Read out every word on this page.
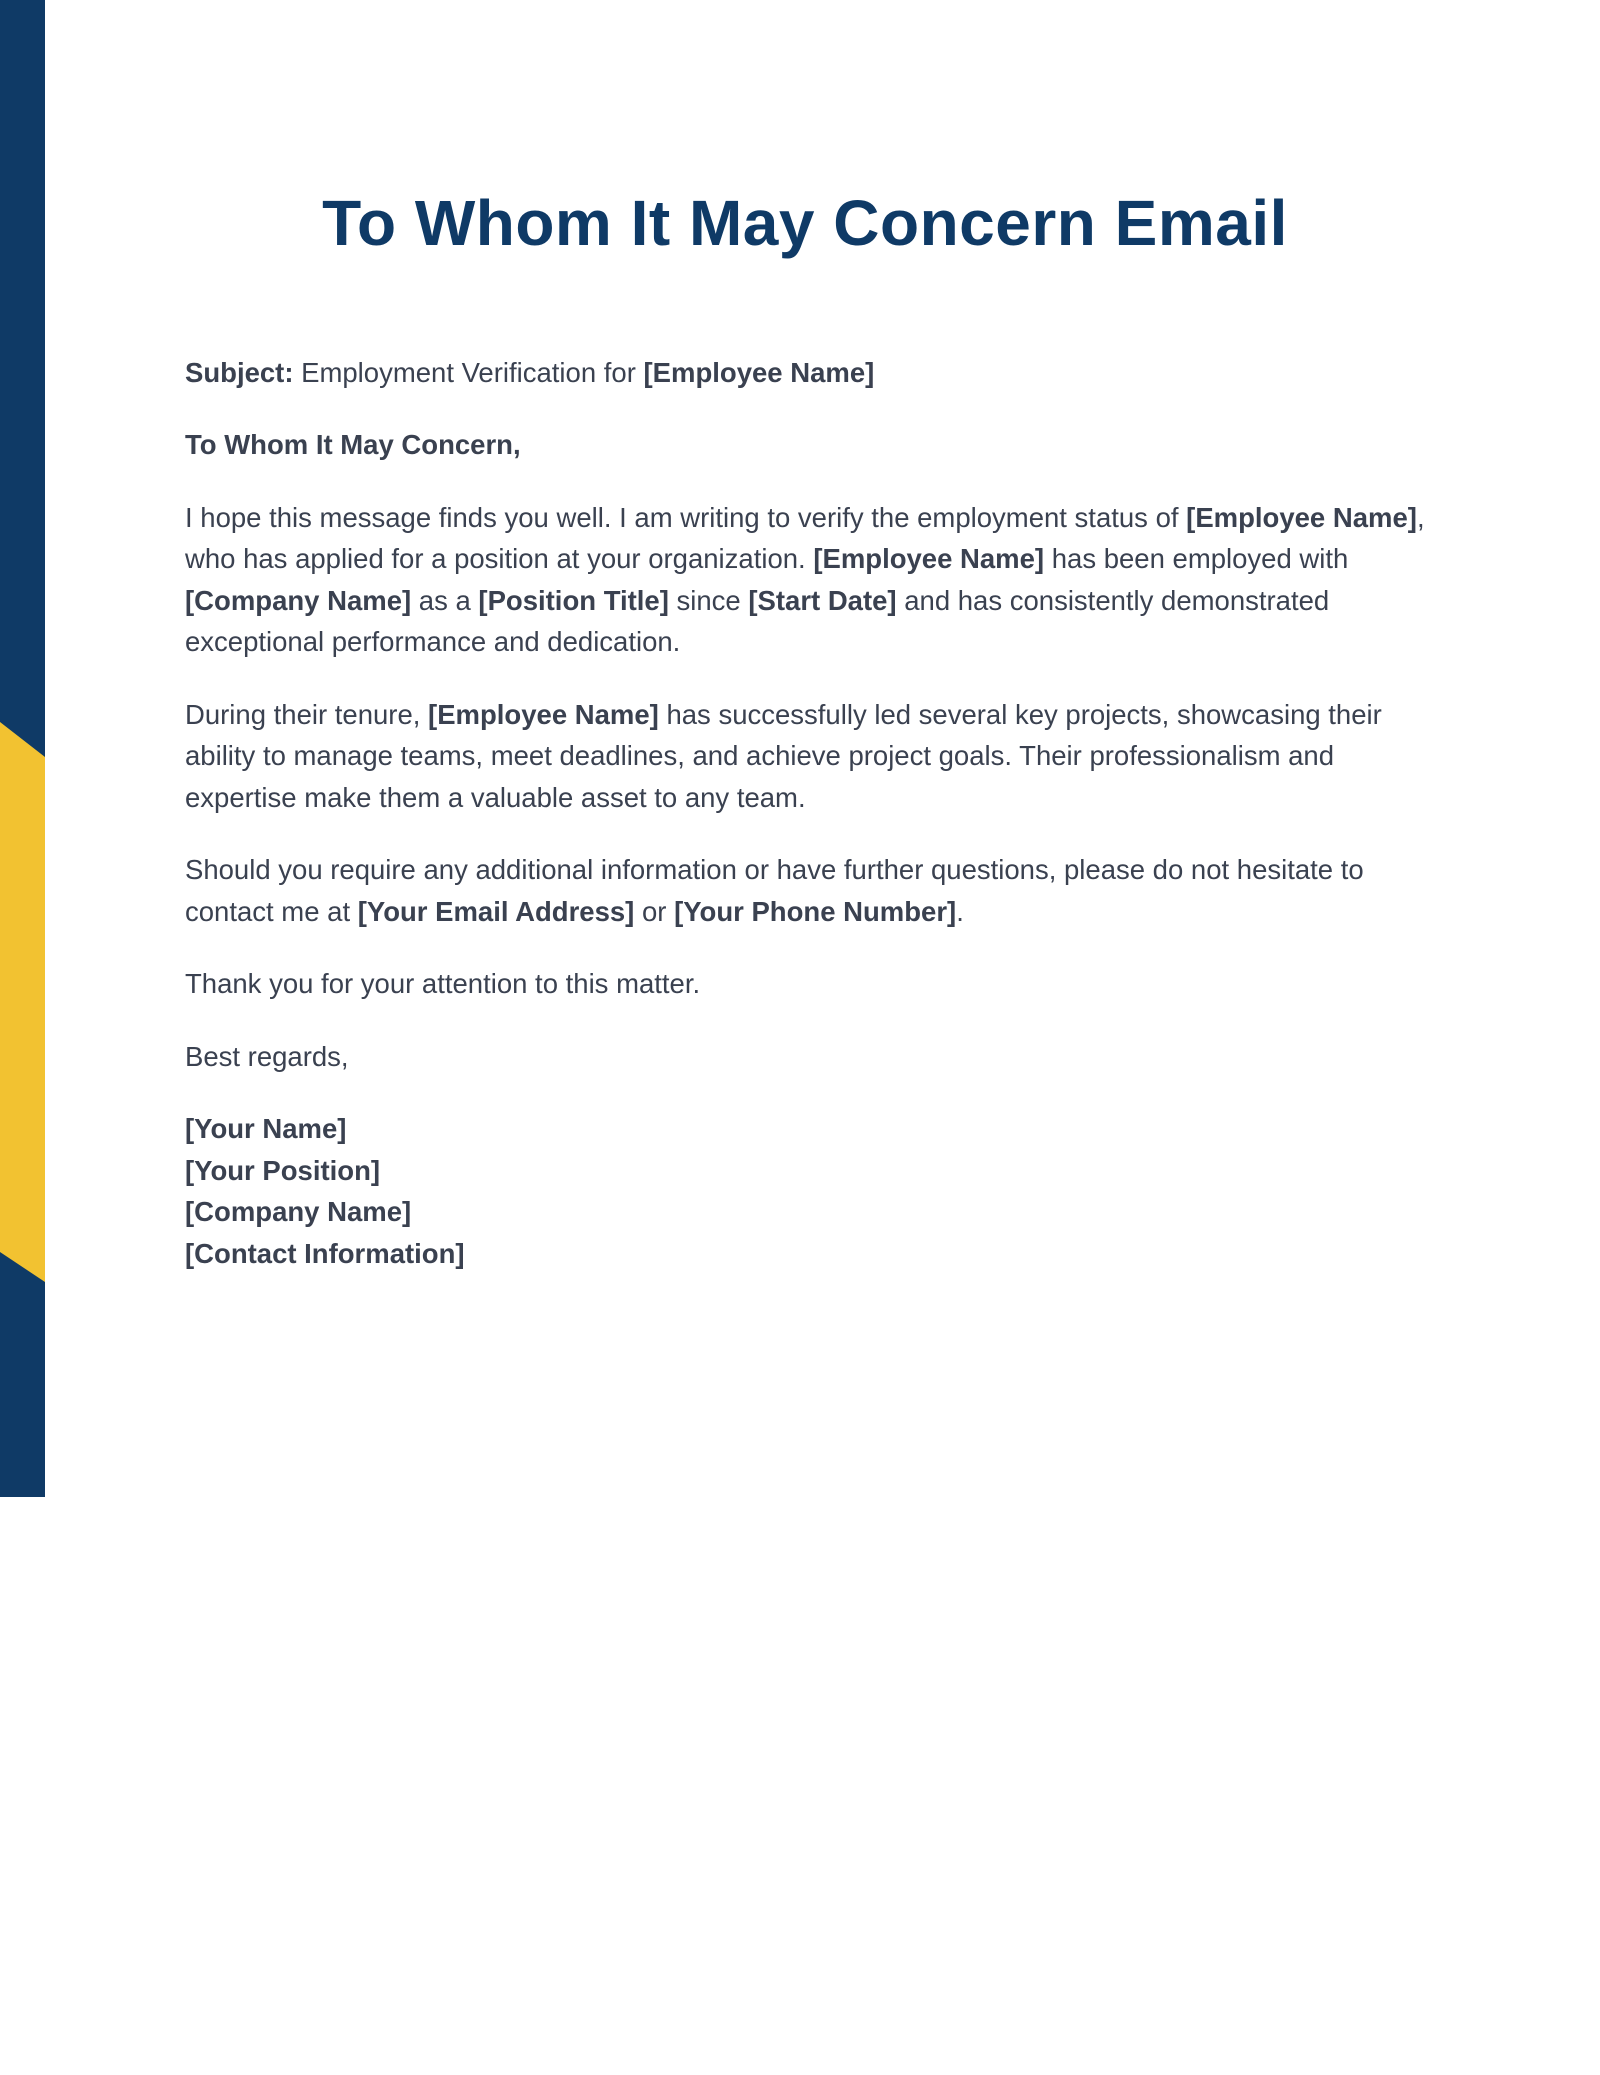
To Whom It May Concern Email

Subject: Employment Verification for [Employee Name]

To Whom It May Concern,

I hope this message finds you well. I am writing to verify the employment status of [Employee Name], who has applied for a position at your organization. [Employee Name] has been employed with [Company Name] as a [Position Title] since [Start Date] and has consistently demonstrated exceptional performance and dedication.

During their tenure, [Employee Name] has successfully led several key projects, showcasing their ability to manage teams, meet deadlines, and achieve project goals. Their professionalism and expertise make them a valuable asset to any team.

Should you require any additional information or have further questions, please do not hesitate to contact me at [Your Email Address] or [Your Phone Number].

Thank you for your attention to this matter.

Best regards,

[Your Name]
[Your Position]
[Company Name]
[Contact Information]
